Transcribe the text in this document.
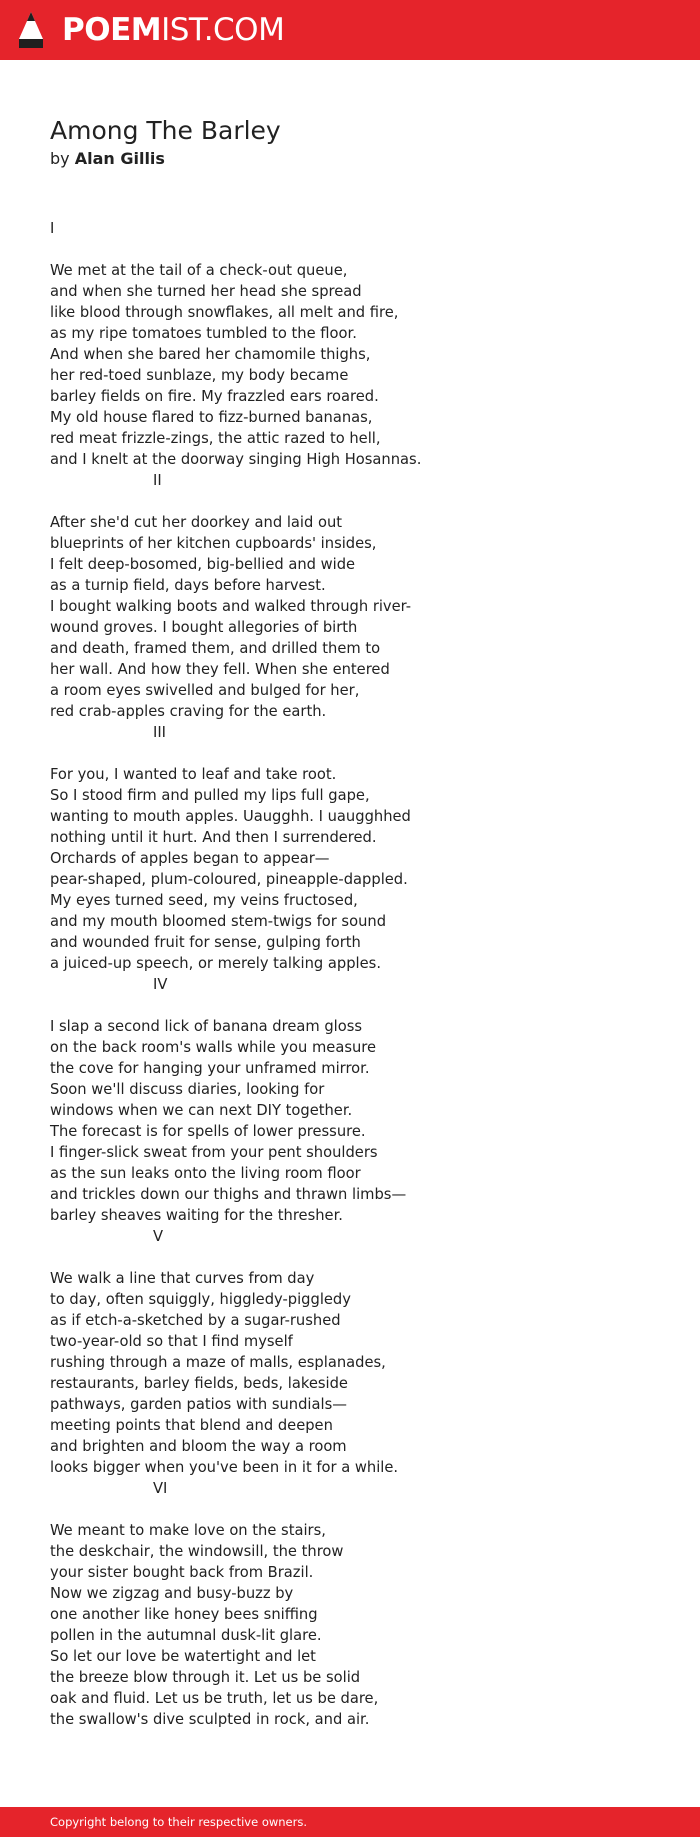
POEMIST.COM
Among The Barley
by Alan Gillis
I
We met at the tail of a check-out queue,
and when she turned her head she spread
like blood through snowflakes, all melt and fire,
as my ripe tomatoes tumbled to the floor.
And when she bared her chamomile thighs,
her red-toed sunblaze, my body became
barley fields on fire. My frazzled ears roared.
My old house flared to fizz-burned bananas,
red meat frizzle-zings, the attic razed to hell,
and I knelt at the doorway singing High Hosannas.
II
After she'd cut her doorkey and laid out
blueprints of her kitchen cupboards' insides,
I felt deep-bosomed, big-bellied and wide
as a turnip field, days before harvest.
I bought walking boots and walked through river-
wound groves. I bought allegories of birth
and death, framed them, and drilled them to
her wall. And how they fell. When she entered
a room eyes swivelled and bulged for her,
red crab-apples craving for the earth.
III
For you, I wanted to leaf and take root.
So I stood firm and pulled my lips full gape,
wanting to mouth apples. Uaugghh. I uaugghhed
nothing until it hurt. And then I surrendered.
Orchards of apples began to appear—
pear-shaped, plum-coloured, pineapple-dappled.
My eyes turned seed, my veins fructosed,
and my mouth bloomed stem-twigs for sound
and wounded fruit for sense, gulping forth
a juiced-up speech, or merely talking apples.
IV
I slap a second lick of banana dream gloss
on the back room's walls while you measure
the cove for hanging your unframed mirror.
Soon we'll discuss diaries, looking for
windows when we can next DIY together.
The forecast is for spells of lower pressure.
I finger-slick sweat from your pent shoulders
as the sun leaks onto the living room floor
and trickles down our thighs and thrawn limbs—
barley sheaves waiting for the thresher.
V
We walk a line that curves from day
to day, often squiggly, higgledy-piggledy
as if etch-a-sketched by a sugar-rushed
two-year-old so that I find myself
rushing through a maze of malls, esplanades,
restaurants, barley fields, beds, lakeside
pathways, garden patios with sundials—
meeting points that blend and deepen
and brighten and bloom the way a room
looks bigger when you've been in it for a while.
VI
We meant to make love on the stairs,
the deskchair, the windowsill, the throw
your sister bought back from Brazil.
Now we zigzag and busy-buzz by
one another like honey bees sniffing
pollen in the autumnal dusk-lit glare.
So let our love be watertight and let
the breeze blow through it. Let us be solid
oak and fluid. Let us be truth, let us be dare,
the swallow's dive sculpted in rock, and air.
Copyright belong to their respective owners.
